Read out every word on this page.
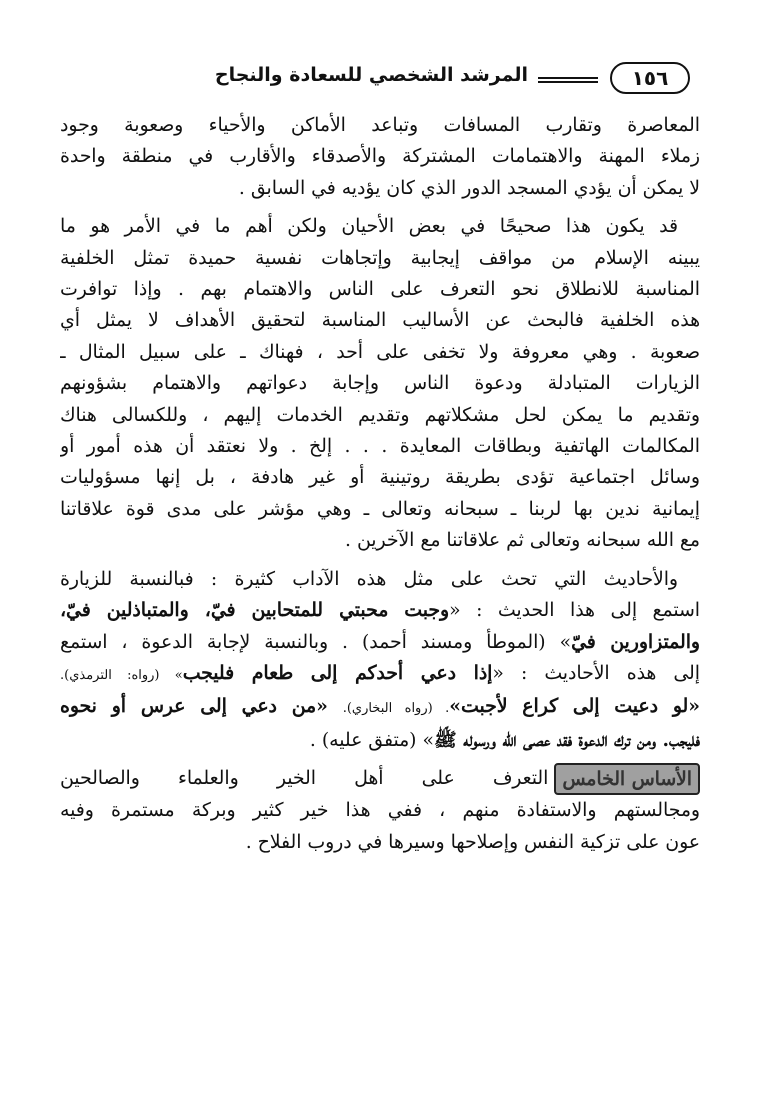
١٥٦
المرشد الشخصي للسعادة والنجاح
المعاصرة وتقارب المسافات وتباعد الأماكن والأحياء وصعوبة وجود
زملاء المهنة والاهتمامات المشتركة والأصدقاء والأقارب في منطقة واحدة
لا يمكن أن يؤدي المسجد الدور الذي كان يؤديه في السابق .
قد يكون هذا صحيحًا في بعض الأحيان ولكن أهم ما في الأمر هو ما
يبينه الإسلام من مواقف إيجابية وإتجاهات نفسية حميدة تمثل الخلفية
المناسبة للانطلاق نحو التعرف على الناس والاهتمام بهم . وإذا توافرت
هذه الخلفية فالبحث عن الأساليب المناسبة لتحقيق الأهداف لا يمثل أي
صعوبة . وهي معروفة ولا تخفى على أحد ، فهناك ـ على سبيل المثال ـ
الزيارات المتبادلة ودعوة الناس وإجابة دعواتهم والاهتمام بشؤونهم
وتقديم ما يمكن لحل مشكلاتهم وتقديم الخدمات إليهم ، وللكسالى هناك
المكالمات الهاتفية وبطاقات المعايدة . . . إلخ . ولا نعتقد أن هذه أمور أو
وسائل اجتماعية تؤدى بطريقة روتينية أو غير هادفة ، بل إنها مسؤوليات
إيمانية ندين بها لربنا ـ سبحانه وتعالى ـ وهي مؤشر على مدى قوة علاقاتنا
مع الله سبحانه وتعالى ثم علاقاتنا مع الآخرين .
والأحاديث التي تحث على مثل هذه الآداب كثيرة : فبالنسبة للزيارة
استمع إلى هذا الحديث : «وجبت محبتي للمتحابين فيّ، والمتباذلين فيّ،
والمتزاورين فيّ» (الموطأ ومسند أحمد) . وبالنسبة لإجابة الدعوة ، استمع
إلى هذه الأحاديث : «إذا دعي أحدكم إلى طعام فليجب» (رواه: الترمذي).
«لو دعيت إلى كراع لأجبت». (رواه البخاري). «من دعي إلى عرس أو نحوه
فليجب. ومن ترك الدعوة فقد عصى الله ورسوله ﷺ» (متفق عليه) .
الأساس الخامسالتعرف على أهل الخير والعلماء والصالحين
ومجالستهم والاستفادة منهم ، ففي هذا خير كثير وبركة مستمرة وفيه
عون على تزكية النفس وإصلاحها وسيرها في دروب الفلاح .
